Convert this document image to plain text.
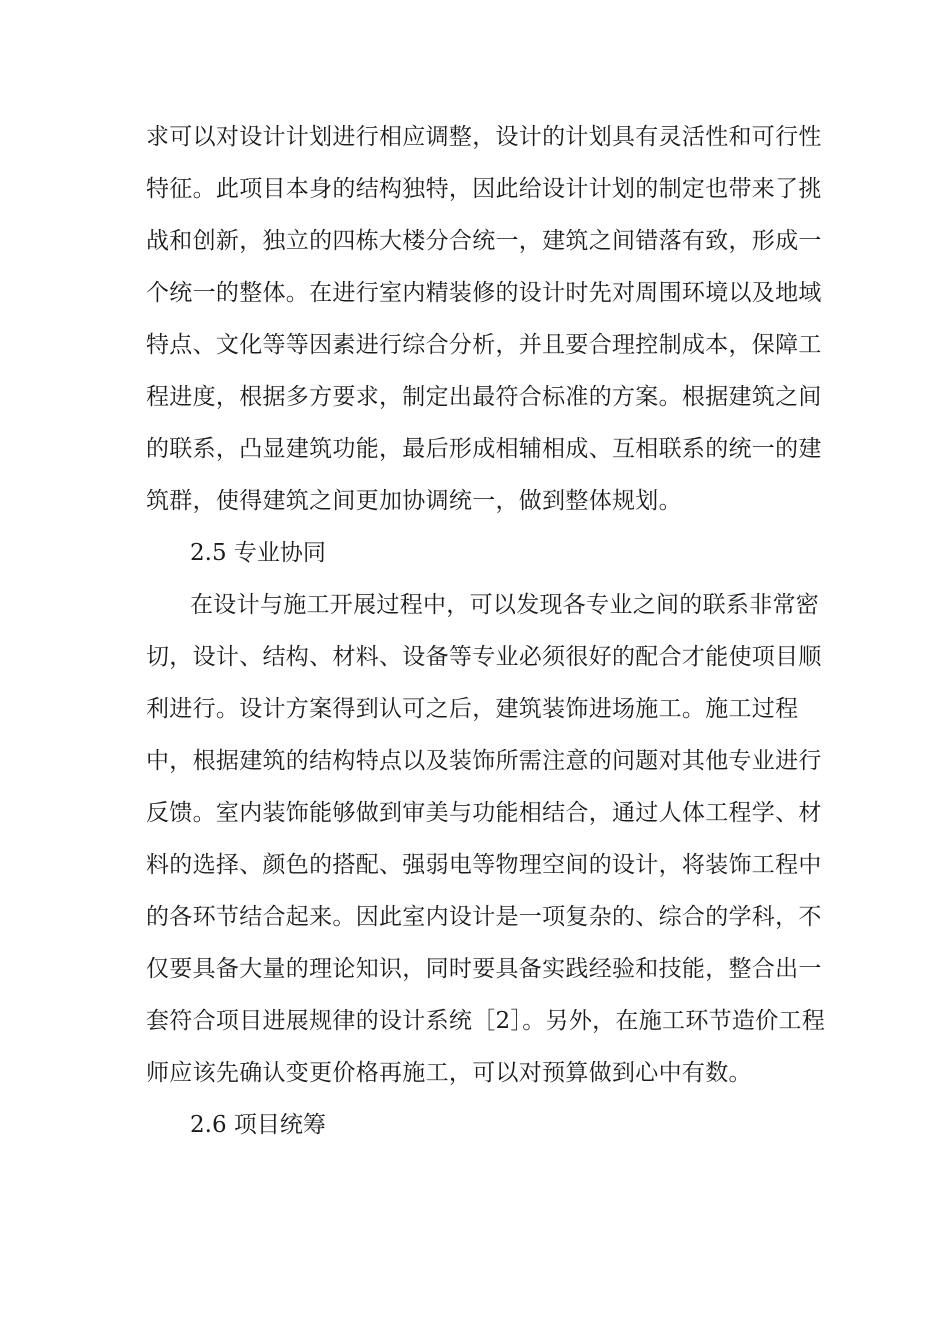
求可以对设计计划进行相应调整，设计的计划具有灵活性和可行性

特征。此项目本身的结构独特，因此给设计计划的制定也带来了挑

战和创新，独立的四栋大楼分合统一，建筑之间错落有致，形成一

个统一的整体。在进行室内精装修的设计时先对周围环境以及地域

特点、文化等等因素进行综合分析，并且要合理控制成本，保障工

程进度，根据多方要求，制定出最符合标准的方案。根据建筑之间

的联系，凸显建筑功能，最后形成相辅相成、互相联系的统一的建

筑群，使得建筑之间更加协调统一，做到整体规划。

2.5 专业协同

在设计与施工开展过程中，可以发现各专业之间的联系非常密

切，设计、结构、材料、设备等专业必须很好的配合才能使项目顺

利进行。设计方案得到认可之后，建筑装饰进场施工。施工过程

中，根据建筑的结构特点以及装饰所需注意的问题对其他专业进行

反馈。室内装饰能够做到审美与功能相结合，通过人体工程学、材

料的选择、颜色的搭配、强弱电等物理空间的设计，将装饰工程中

的各环节结合起来。因此室内设计是一项复杂的、综合的学科，不

仅要具备大量的理论知识，同时要具备实践经验和技能，整合出一

套符合项目进展规律的设计系统［2］。另外，在施工环节造价工程

师应该先确认变更价格再施工，可以对预算做到心中有数。

2.6 项目统筹
